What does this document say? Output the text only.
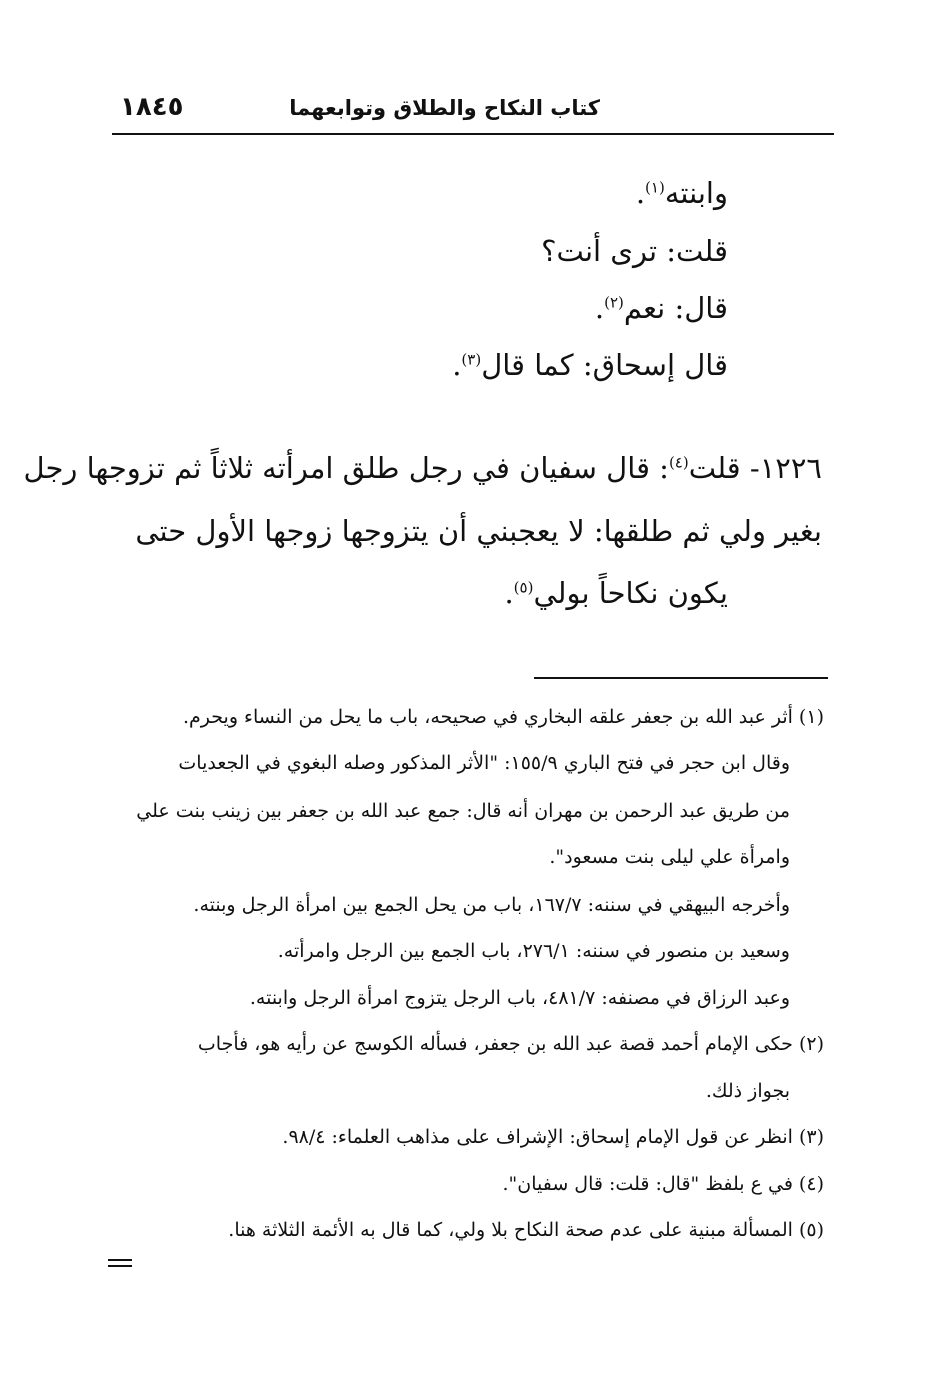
١٨٤٥	كتاب النكاح والطلاق وتوابعهما
وابنته$^{(١)}$.
قلت: ترى أنت؟
قال: نعم$^{(٢)}$.
قال إسحاق: كما قال$^{(٣)}$.
١٢٢٦- قلت$^{(٤)}$: قال سفيان في رجل طلق امرأته ثلاثاً ثم تزوجها رجل
بغير ولي ثم طلقها: لا يعجبني أن يتزوجها زوجها الأول حتى
يكون نكاحاً بولي$^{(٥)}$.
(١) أثر عبد الله بن جعفر علقه البخاري في صحيحه، باب ما يحل من النساء ويحرم.
وقال ابن حجر في فتح الباري ١٥٥/٩: "الأثر المذكور وصله البغوي في الجعديات
من طريق عبد الرحمن بن مهران أنه قال: جمع عبد الله بن جعفر بين زينب بنت علي
وامرأة علي ليلى بنت مسعود".
وأخرجه البيهقي في سننه: ١٦٧/٧، باب من يحل الجمع بين امرأة الرجل وبنته.
وسعيد بن منصور في سننه: ٢٧٦/١، باب الجمع بين الرجل وامرأته.
وعبد الرزاق في مصنفه: ٤٨١/٧، باب الرجل يتزوج امرأة الرجل وابنته.
(٢) حكى الإمام أحمد قصة عبد الله بن جعفر، فسأله الكوسج عن رأيه هو، فأجاب
بجواز ذلك.
(٣) انظر عن قول الإمام إسحاق: الإشراف على مذاهب العلماء: ٩٨/٤.
(٤) في ع بلفظ "قال: قلت: قال سفيان".
(٥) المسألة مبنية على عدم صحة النكاح بلا ولي، كما قال به الأئمة الثلاثة هنا.
